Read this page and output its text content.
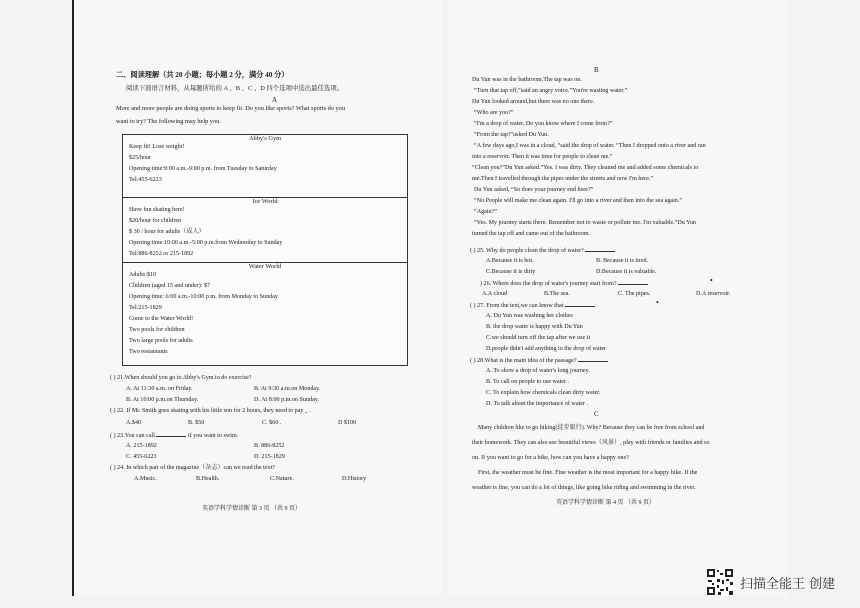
二、阅读理解（共 20 小题；每小题 2 分，满分 40 分）
阅读下面语言材料，从每题所给的 A 、B 、C 、D 四个选项中选出最佳选项。
A
More and more people are doing sports to keep fit. Do you like sports? What sports do you
want to try? The following may help you.
Abby's Gym
Keep fit! Lose weight!
$25/hour
Opening time:9:00 a.m.-9:00 p.m. from Tuesday to Saturday
Tel:455-6223
Ice World
Have fun skating here!
$20/hour for children
$ 30 / hour for adults（成人）
Opening time:10:00 a.m.-5:00 p.m.from Wednesday to Sunday
Tel:886-8252 or 215-1892
Water World
Adults:$10
Children (aged 15 and under): $7
Opening time: 6:00 a.m.-10:00 p.m. from Monday to Sunday
Tel:215-1829
Come to the Water World!
Two pools for children
Two large pools for adults
Two restaurants
( ) 21.When should you go to Abby's Gym to do exercise?
A. At 11:30 a.m. on Friday.	B. At 9:30 a.m.on Monday.
B. At 10:00 p.m.on Thursday.	D. At 8:00 p.m.on Sunday.
( ) 22. If Mr. Smith goes skating with his little son for 2 hours, they need to pay _ .
A.$40	B. $50	C. $60 .	D $100
( ) 23.You can call	if you want to swim.
A. 215-1892	B. 886-8252
C. 455-6223	D. 215-1829
( ) 24. In which part of the magazine（杂志）can we read the text?
A.Music.	B.Health.	C.Nature.	D.History
英语学科学情诊断 第 3 页 （共 9 页）
B
Du Yun was in the bathroom.The tap was on.
“Turn that tap off,”said an angry voice.”You're wasting water.”
Du Yun looked around,but there was no one there.
“Who are you?”
“I'm a drop of water. Do you know where I come from?”
“From the tap?”asked Du Yun.
“A few days ago,I was in a cloud, “said the drop of water. “Then I dropped onto a river and ran
into a reservoir. Then it was time for people to clean me.”
“Clean you?”Du Yun asked.”Yes. I was dirty. They cleaned me and added some chemicals to
me.Then I travelled through the pipes under the streets and now I'm here.”
Du Yun asked, “So does your journey end here?”
“No.People will make me clean again. I'll go into a river and then into the sea again.”
“Again?”
“Yes. My journey starts there. Remember not to waste or pollute me. I'm valuable.”Du Yun
turned the tap off and came out of the bathroom.
( ) 25. Why do people clean the drop of water?
A.Because it is hot.	B. Because it is tired.
C.Because it is dirty	D.Because it is valuable.
) 26. Where does the drop of water's journey start from?	•
A.A cloud	B.The sea.	C. The pipes.	D.A reservoir.
( ) 27. From the text,we can know that	•
A. Du Yun was washing her clothes
B. the drop water is happy with Du Yun
C.we should turn off the tap after we use it
D.people didn't add anything to the drop of water
( ) 28.What is the main idea of the passage?
A. To show a drop of water's long journey.
B. To call on people to use water .
C. To explain how chemicals clean dirty water.
D. To talk about the importance of water .
C
Many children like to go hiking(徒步旅行). Why? Because they can be free from school and
their homework. They can also see beautiful views（风景）, play with friends or families and so
on. If you want to go for a hike, how can you have a happy one?
First, the weather must be fine. Fine weather is the most important for a happy hike. If the
weather is fine, you can do a lot of things, like going bike riding and swimming in the river.
英语学科学情诊断 第 4 页 （共 9 页）
扫描全能王 创建
